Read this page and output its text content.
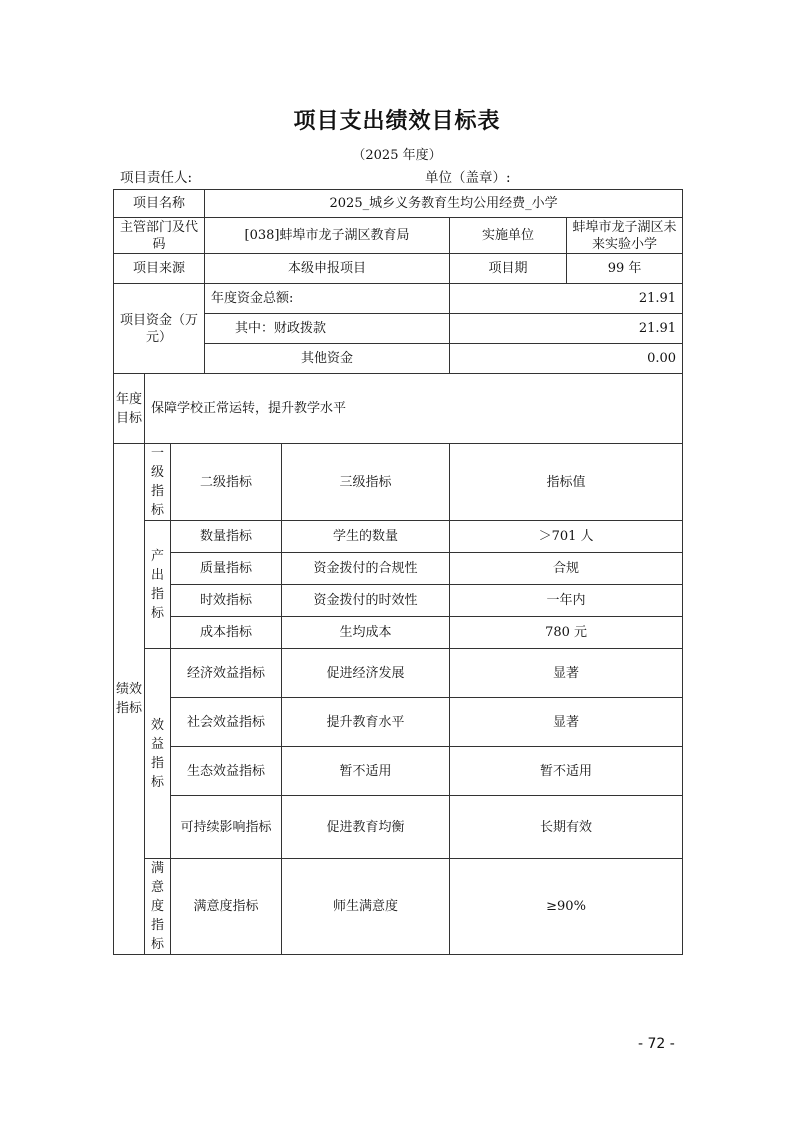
项目支出绩效目标表
（2025 年度）
项目责任人:	单位（盖章）:
项目名称			2025_城乡义务教育生均公用经费_小学			
主管部门及代码			[038]蚌埠市龙子湖区教育局		实施单位	蚌埠市龙子湖区未来实验小学
项目来源			本级申报项目		项目期	99 年
项目资金（万元）			年度资金总额:		21.91	
			其中：财政拨款		21.91	
			其他资金		0.00	
年度目标	保障学校正常运转，提升教学水平					
绩效指标	一级指标	二级指标		三级指标	指标值	
	产出指标	数量指标		学生的数量	＞701 人	
		质量指标		资金拨付的合规性	合规	
		时效指标		资金拨付的时效性	一年内	
		成本指标		生均成本	780 元	
	效益指标	经济效益指标		促进经济发展	显著	
		社会效益指标		提升教育水平	显著	
		生态效益指标		暂不适用	暂不适用	
		可持续影响指标		促进教育均衡	长期有效	
	满意度指标	满意度指标		师生满意度	≥90%	
- 72 -
